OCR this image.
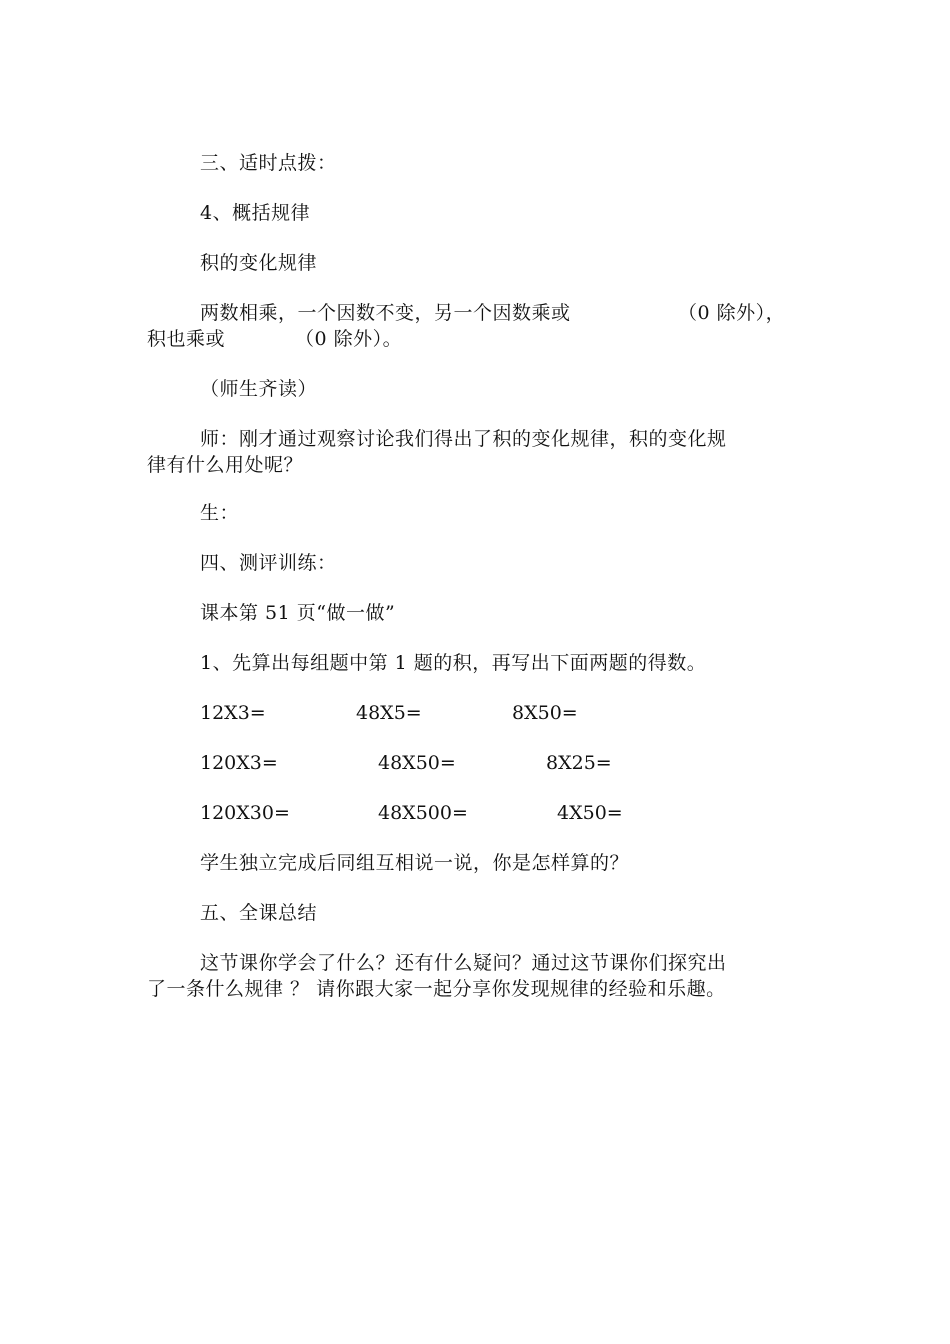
三、适时点拨：
4、概括规律
积的变化规律
两数相乘，一个因数不变，另一个因数乘或	（0 除外），
积也乘或	（0 除外）。
（师生齐读）
师：刚才通过观察讨论我们得出了积的变化规律，积的变化规
律有什么用处呢？
生：
四、测评训练：
课本第 51 页“做一做”
1、先算出每组题中第 1 题的积，再写出下面两题的得数。
12X3=	48X5=	8X50=
120X3=	48X50=	8X25=
120X30=	48X500=	4X50=
学生独立完成后同组互相说一说，你是怎样算的？
五、全课总结
这节课你学会了什么？还有什么疑问？通过这节课你们探究出
了一条什么规律 ？ 请你跟大家一起分享你发现规律的经验和乐趣。
